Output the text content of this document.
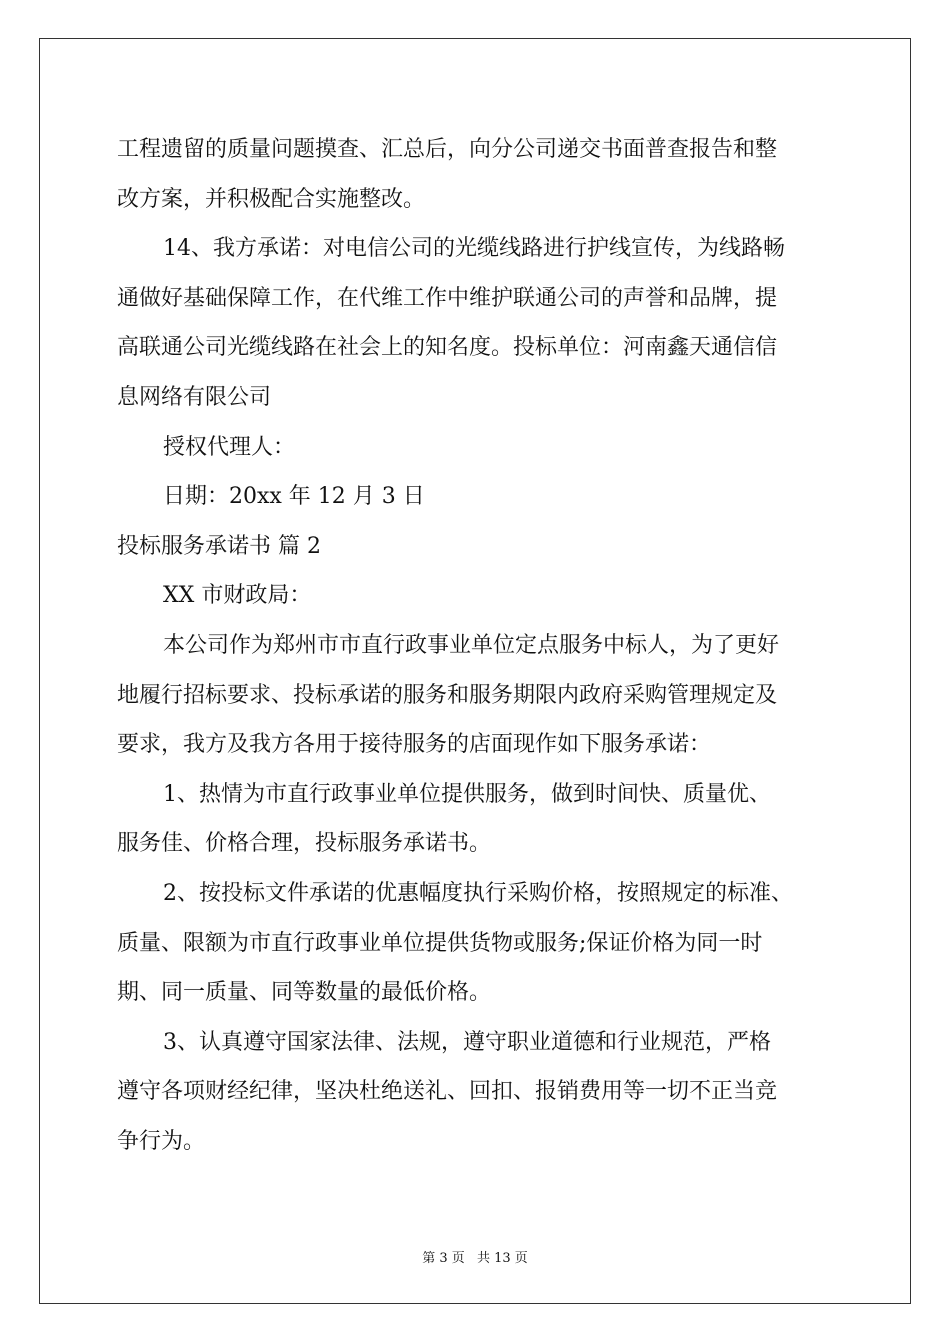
工程遗留的质量问题摸查、汇总后，向分公司递交书面普查报告和整
改方案，并积极配合实施整改。
14、我方承诺：对电信公司的光缆线路进行护线宣传，为线路畅
通做好基础保障工作，在代维工作中维护联通公司的声誉和品牌，提
高联通公司光缆线路在社会上的知名度。投标单位：河南鑫天通信信
息网络有限公司
授权代理人：
日期：20xx 年 12 月 3 日
投标服务承诺书 篇 2
XX 市财政局：
本公司作为郑州市市直行政事业单位定点服务中标人，为了更好
地履行招标要求、投标承诺的服务和服务期限内政府采购管理规定及
要求，我方及我方各用于接待服务的店面现作如下服务承诺：
1、热情为市直行政事业单位提供服务，做到时间快、质量优、
服务佳、价格合理，投标服务承诺书。
2、按投标文件承诺的优惠幅度执行采购价格，按照规定的标准、
质量、限额为市直行政事业单位提供货物或服务;保证价格为同一时
期、同一质量、同等数量的最低价格。
3、认真遵守国家法律、法规，遵守职业道德和行业规范，严格
遵守各项财经纪律，坚决杜绝送礼、回扣、报销费用等一切不正当竞
争行为。
第 3 页 共 13 页
